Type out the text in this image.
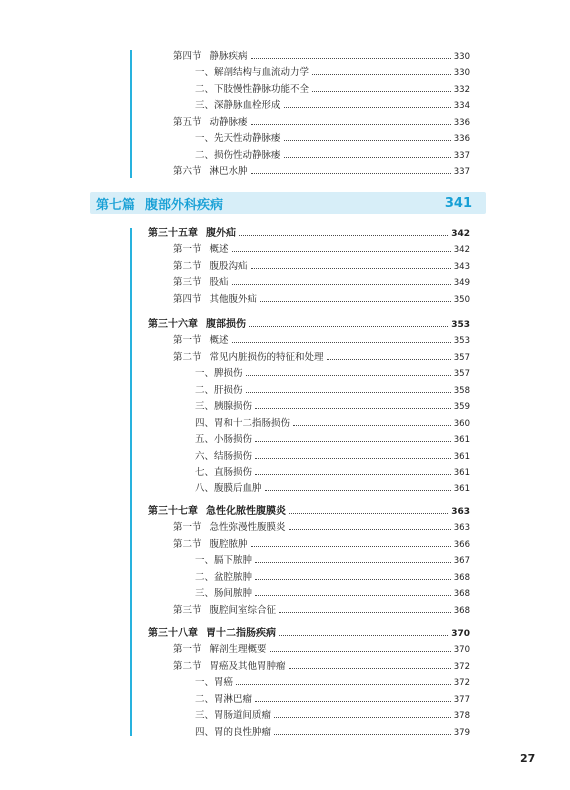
第七篇 腹部外科疾病	341
第四节 静脉疾病	330
一、解剖结构与血流动力学	330
二、下肢慢性静脉功能不全	332
三、深静脉血栓形成	334
第五节 动静脉瘘	336
一、先天性动静脉瘘	336
二、损伤性动静脉瘘	337
第六节 淋巴水肿	337
第三十五章 腹外疝	342
第一节 概述	342
第二节 腹股沟疝	343
第三节 股疝	349
第四节 其他腹外疝	350
第三十六章 腹部损伤	353
第一节 概述	353
第二节 常见内脏损伤的特征和处理	357
一、脾损伤	357
二、肝损伤	358
三、胰腺损伤	359
四、胃和十二指肠损伤	360
五、小肠损伤	361
六、结肠损伤	361
七、直肠损伤	361
八、腹膜后血肿	361
第三十七章 急性化脓性腹膜炎	363
第一节 急性弥漫性腹膜炎	363
第二节 腹腔脓肿	366
一、膈下脓肿	367
二、盆腔脓肿	368
三、肠间脓肿	368
第三节 腹腔间室综合征	368
第三十八章 胃十二指肠疾病	370
第一节 解剖生理概要	370
第二节 胃癌及其他胃肿瘤	372
一、胃癌	372
二、胃淋巴瘤	377
三、胃肠道间质瘤	378
四、胃的良性肿瘤	379
27
